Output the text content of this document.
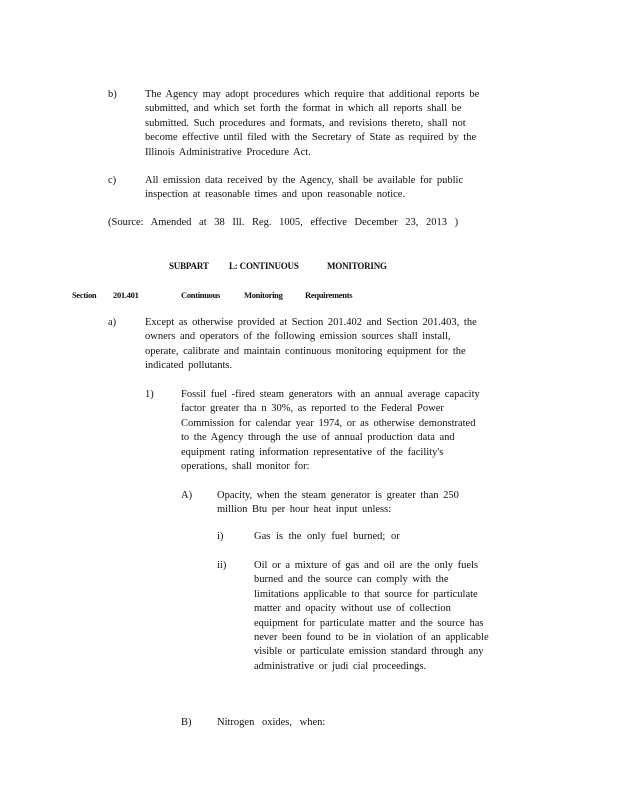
b)	The Agency may adopt procedures which require that additional reports be
submitted, and which set forth the format in which all reports shall be
submitted. Such procedures and formats, and revisions thereto, shall not
become effective until filed with the Secretary of State as required by the
Illinois Administrative Procedure Act.
c)	All emission data received by the Agency, shall be available for public
inspection at reasonable times and upon reasonable notice.
(Source: Amended at 38 Ill. Reg. 1005, effective December 23, 2013 )
SUBPART L: CONTINUOUS	MONITORING
Section 201.401	Continuous	Monitoring	Requirements
a)	Except as otherwise provided at Section 201.402 and Section 201.403, the
owners and operators of the following emission sources shall install,
operate, calibrate and maintain continuous monitoring equipment for the
indicated pollutants.
1)	Fossil fuel -fired steam generators with an annual average capacity
factor greater tha n 30%, as reported to the Federal Power
Commission for calendar year 1974, or as otherwise demonstrated
to the Agency through the use of annual production data and
equipment rating information representative of the facility's
operations, shall monitor for:
A) Opacity, when the steam generator is greater than 250
million Btu per hour heat input unless:
i)	Gas is the only fuel burned; or
ii)	Oil or a mixture of gas and oil are the only fuels
burned and the source can comply with the
limitations applicable to that source for particulate
matter and opacity without use of collection
equipment for particulate matter and the source has
never been found to be in violation of an applicable
visible or particulate emission standard through any
administrative or judi cial proceedings.
B) Nitrogen oxides, when:
